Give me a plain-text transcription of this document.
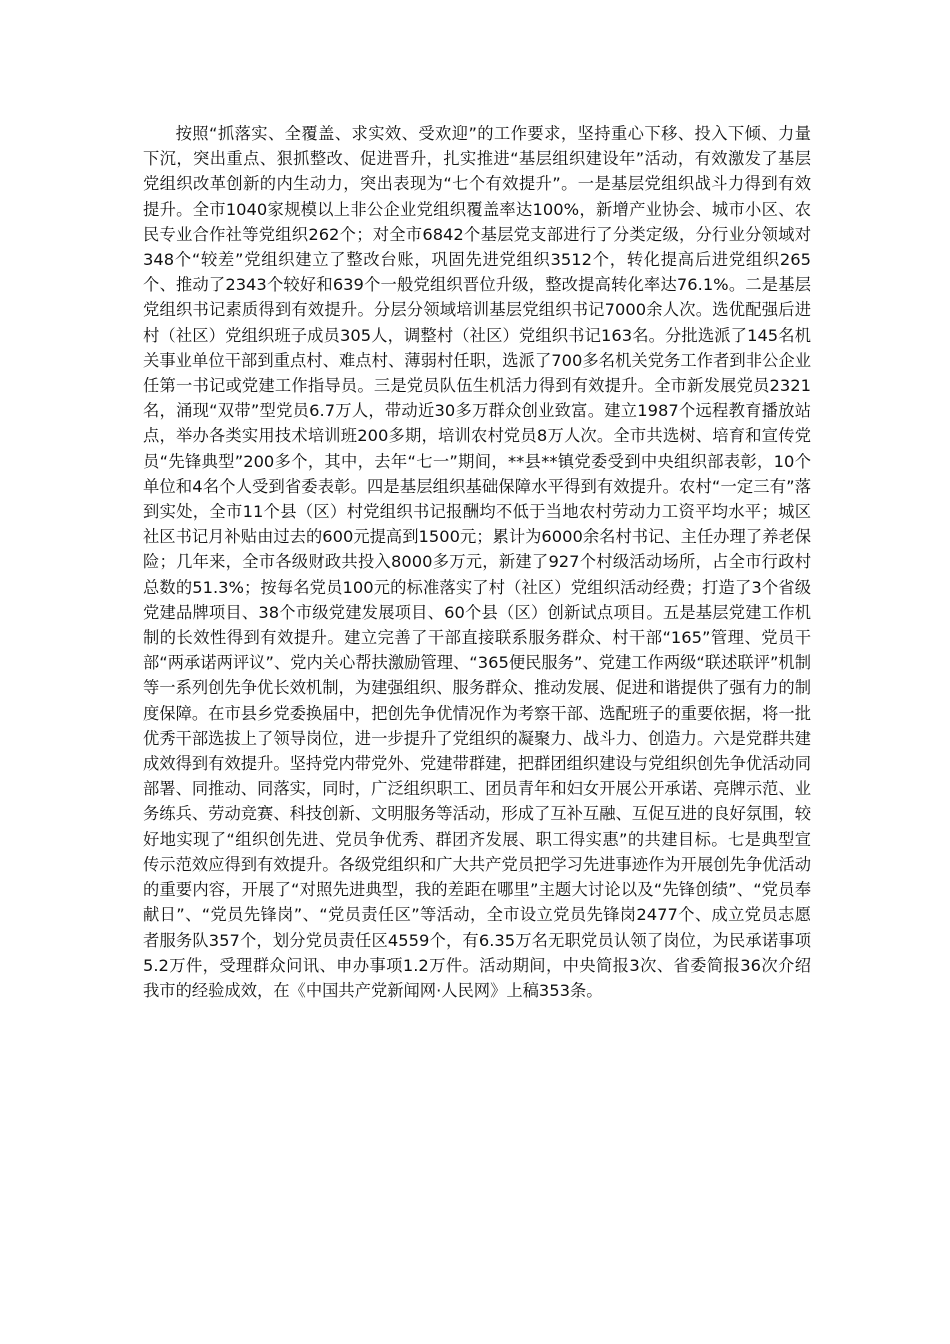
按照“抓落实、全覆盖、求实效、受欢迎”的工作要求，坚持重心下移、投入下倾、力量下沉，突出重点、狠抓整改、促进晋升，扎实推进“基层组织建设年”活动，有效激发了基层党组织改革创新的内生动力，突出表现为“七个有效提升”。一是基层党组织战斗力得到有效提升。全市1040家规模以上非公企业党组织覆盖率达100%，新增产业协会、城市小区、农民专业合作社等党组织262个；对全市6842个基层党支部进行了分类定级，分行业分领域对348个“较差”党组织建立了整改台账，巩固先进党组织3512个，转化提高后进党组织265个、推动了2343个较好和639个一般党组织晋位升级，整改提高转化率达76.1%。二是基层党组织书记素质得到有效提升。分层分领域培训基层党组织书记7000余人次。选优配强后进村（社区）党组织班子成员305人，调整村（社区）党组织书记163名。分批选派了145名机关事业单位干部到重点村、难点村、薄弱村任职，选派了700多名机关党务工作者到非公企业任第一书记或党建工作指导员。三是党员队伍生机活力得到有效提升。全市新发展党员2321名，涌现“双带”型党员6.7万人，带动近30多万群众创业致富。建立1987个远程教育播放站点，举办各类实用技术培训班200多期，培训农村党员8万人次。全市共选树、培育和宣传党员“先锋典型”200多个，其中，去年“七一”期间，**县**镇党委受到中央组织部表彰，10个单位和4名个人受到省委表彰。四是基层组织基础保障水平得到有效提升。农村“一定三有”落到实处，全市11个县（区）村党组织书记报酬均不低于当地农村劳动力工资平均水平；城区社区书记月补贴由过去的600元提高到1500元；累计为6000余名村书记、主任办理了养老保险；几年来，全市各级财政共投入8000多万元，新建了927个村级活动场所，占全市行政村总数的51.3%；按每名党员100元的标准落实了村（社区）党组织活动经费；打造了3个省级党建品牌项目、38个市级党建发展项目、60个县（区）创新试点项目。五是基层党建工作机制的长效性得到有效提升。建立完善了干部直接联系服务群众、村干部“165”管理、党员干部“两承诺两评议”、党内关心帮扶激励管理、“365便民服务”、党建工作两级“联述联评”机制等一系列创先争优长效机制，为建强组织、服务群众、推动发展、促进和谐提供了强有力的制度保障。在市县乡党委换届中，把创先争优情况作为考察干部、选配班子的重要依据，将一批优秀干部选拔上了领导岗位，进一步提升了党组织的凝聚力、战斗力、创造力。六是党群共建成效得到有效提升。坚持党内带党外、党建带群建，把群团组织建设与党组织创先争优活动同部署、同推动、同落实，同时，广泛组织职工、团员青年和妇女开展公开承诺、亮牌示范、业务练兵、劳动竞赛、科技创新、文明服务等活动，形成了互补互融、互促互进的良好氛围，较好地实现了“组织创先进、党员争优秀、群团齐发展、职工得实惠”的共建目标。七是典型宣传示范效应得到有效提升。各级党组织和广大共产党员把学习先进事迹作为开展创先争优活动的重要内容，开展了“对照先进典型，我的差距在哪里”主题大讨论以及“先锋创绩”、“党员奉献日”、“党员先锋岗”、“党员责任区”等活动，全市设立党员先锋岗2477个、成立党员志愿者服务队357个，划分党员责任区4559个，有6.35万名无职党员认领了岗位，为民承诺事项5.2万件，受理群众问讯、申办事项1.2万件。活动期间，中央简报3次、省委简报36次介绍我市的经验成效，在《中国共产党新闻网·人民网》上稿353条。
